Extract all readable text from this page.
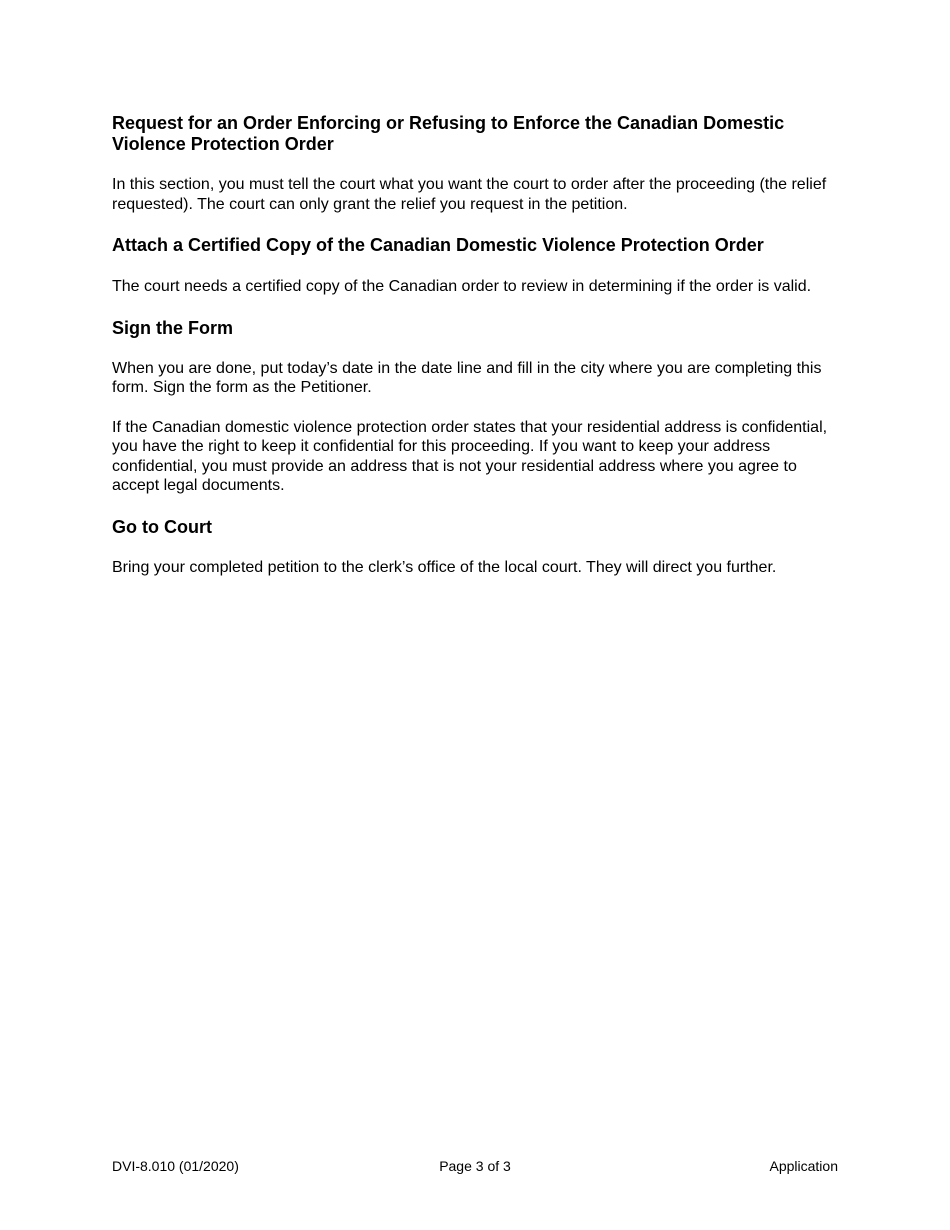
Request for an Order Enforcing or Refusing to Enforce the Canadian Domestic Violence Protection Order

In this section, you must tell the court what you want the court to order after the proceeding (the relief requested). The court can only grant the relief you request in the petition.

Attach a Certified Copy of the Canadian Domestic Violence Protection Order

The court needs a certified copy of the Canadian order to review in determining if the order is valid.

Sign the Form

When you are done, put today’s date in the date line and fill in the city where you are completing this form. Sign the form as the Petitioner.

If the Canadian domestic violence protection order states that your residential address is confidential, you have the right to keep it confidential for this proceeding. If you want to keep your address confidential, you must provide an address that is not your residential address where you agree to accept legal documents.

Go to Court

Bring your completed petition to the clerk’s office of the local court. They will direct you further.

DVI-8.010 (01/2020)	Page 3 of 3	Application
